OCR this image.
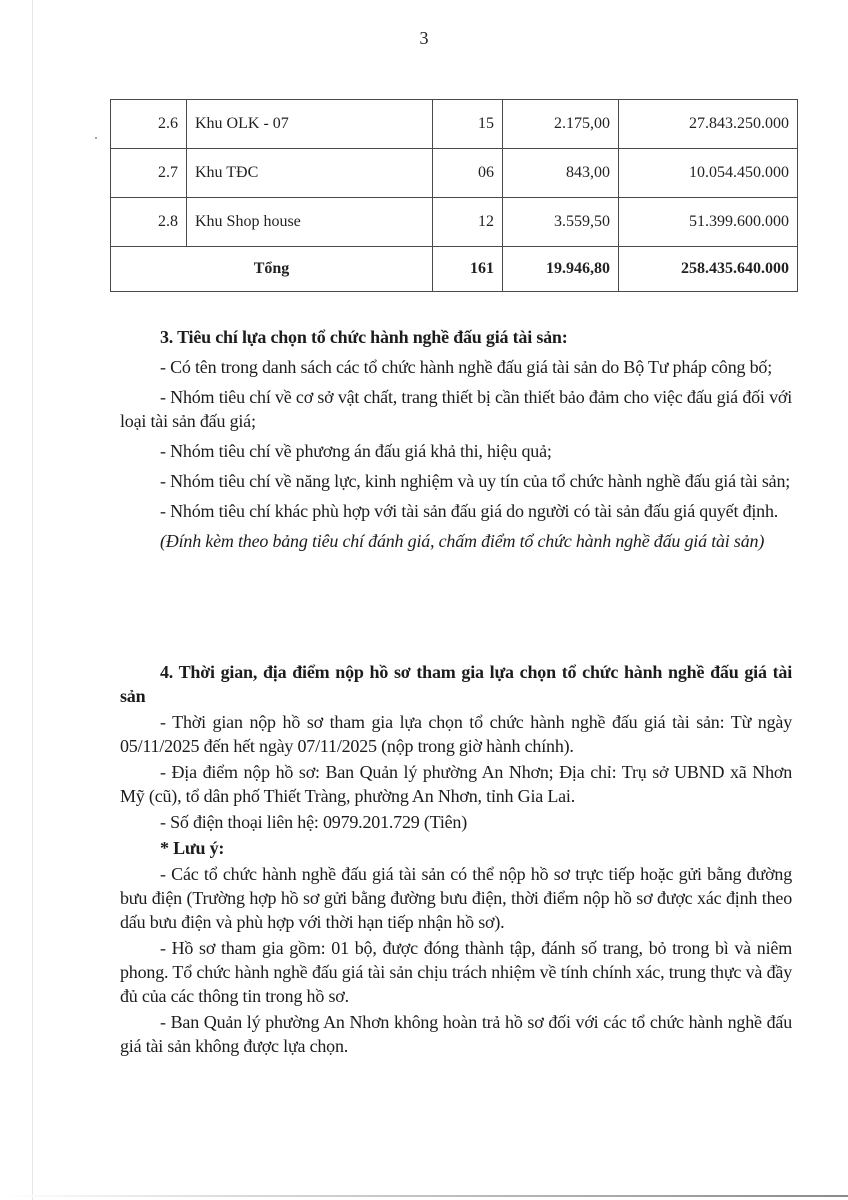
3
2.6	Khu OLK - 07	15	2.175,00	27.843.250.000
2.7	Khu TĐC	06	843,00	10.054.450.000
2.8	Khu Shop house	12	3.559,50	51.399.600.000
Tổng		161	19.946,80	258.435.640.000

3. Tiêu chí lựa chọn tổ chức hành nghề đấu giá tài sản:

- Có tên trong danh sách các tổ chức hành nghề đấu giá tài sản do Bộ Tư pháp công bố;

- Nhóm tiêu chí về cơ sở vật chất, trang thiết bị cần thiết bảo đảm cho việc đấu giá đối với loại tài sản đấu giá;

- Nhóm tiêu chí về phương án đấu giá khả thi, hiệu quả;

- Nhóm tiêu chí về năng lực, kinh nghiệm và uy tín của tổ chức hành nghề đấu giá tài sản;

- Nhóm tiêu chí khác phù hợp với tài sản đấu giá do người có tài sản đấu giá quyết định.

(Đính kèm theo bảng tiêu chí đánh giá, chấm điểm tổ chức hành nghề đấu giá tài sản)

4. Thời gian, địa điểm nộp hồ sơ tham gia lựa chọn tổ chức hành nghề đấu giá tài sản

- Thời gian nộp hồ sơ tham gia lựa chọn tổ chức hành nghề đấu giá tài sản: Từ ngày 05/11/2025 đến hết ngày 07/11/2025 (nộp trong giờ hành chính).

- Địa điểm nộp hồ sơ: Ban Quản lý phường An Nhơn; Địa chỉ: Trụ sở UBND xã Nhơn Mỹ (cũ), tổ dân phố Thiết Tràng, phường An Nhơn, tỉnh Gia Lai.

- Số điện thoại liên hệ: 0979.201.729 (Tiên)

* Lưu ý:

- Các tổ chức hành nghề đấu giá tài sản có thể nộp hồ sơ trực tiếp hoặc gửi bằng đường bưu điện (Trường hợp hồ sơ gửi bằng đường bưu điện, thời điểm nộp hồ sơ được xác định theo dấu bưu điện và phù hợp với thời hạn tiếp nhận hồ sơ).

- Hồ sơ tham gia gồm: 01 bộ, được đóng thành tập, đánh số trang, bỏ trong bì và niêm phong. Tổ chức hành nghề đấu giá tài sản chịu trách nhiệm về tính chính xác, trung thực và đầy đủ của các thông tin trong hồ sơ.

- Ban Quản lý phường An Nhơn không hoàn trả hồ sơ đối với các tổ chức hành nghề đấu giá tài sản không được lựa chọn.
